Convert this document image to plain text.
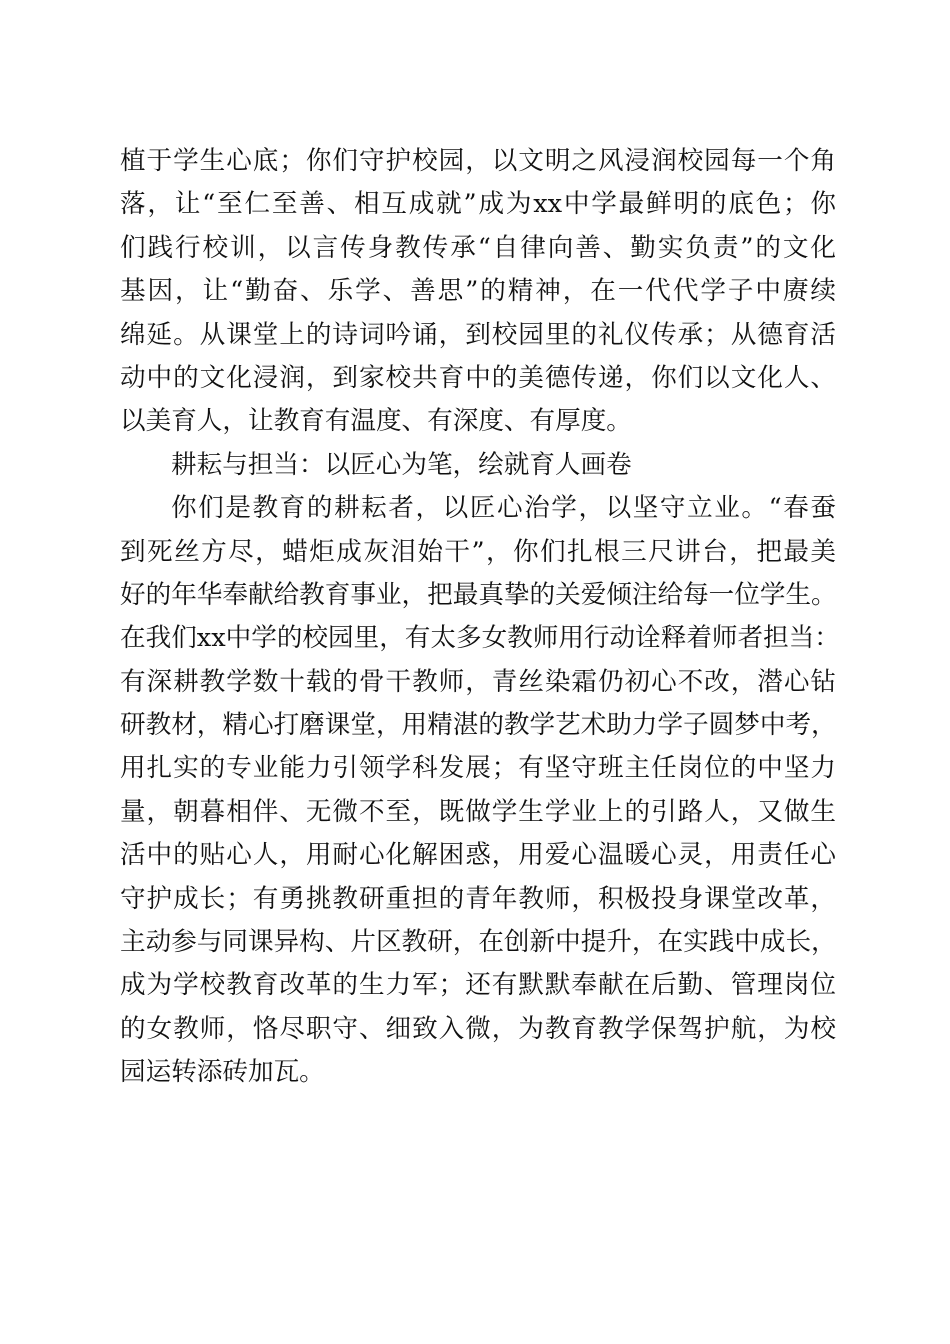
植于学生心底；你们守护校园，以文明之风浸润校园每一个角
落，让“至仁至善、相互成就”成为xx中学最鲜明的底色；你
们践行校训，以言传身教传承“自律向善、勤实负责”的文化
基因，让“勤奋、乐学、善思”的精神，在一代代学子中赓续
绵延。从课堂上的诗词吟诵，到校园里的礼仪传承；从德育活
动中的文化浸润，到家校共育中的美德传递，你们以文化人、
以美育人，让教育有温度、有深度、有厚度。
耕耘与担当：以匠心为笔，绘就育人画卷
你们是教育的耕耘者，以匠心治学，以坚守立业。“春蚕
到死丝方尽，蜡炬成灰泪始干”，你们扎根三尺讲台，把最美
好的年华奉献给教育事业，把最真挚的关爱倾注给每一位学生。
在我们xx中学的校园里，有太多女教师用行动诠释着师者担当：
有深耕教学数十载的骨干教师，青丝染霜仍初心不改，潜心钻
研教材，精心打磨课堂，用精湛的教学艺术助力学子圆梦中考，
用扎实的专业能力引领学科发展；有坚守班主任岗位的中坚力
量，朝暮相伴、无微不至，既做学生学业上的引路人，又做生
活中的贴心人，用耐心化解困惑，用爱心温暖心灵，用责任心
守护成长；有勇挑教研重担的青年教师，积极投身课堂改革，
主动参与同课异构、片区教研，在创新中提升，在实践中成长，
成为学校教育改革的生力军；还有默默奉献在后勤、管理岗位
的女教师，恪尽职守、细致入微，为教育教学保驾护航，为校
园运转添砖加瓦。
